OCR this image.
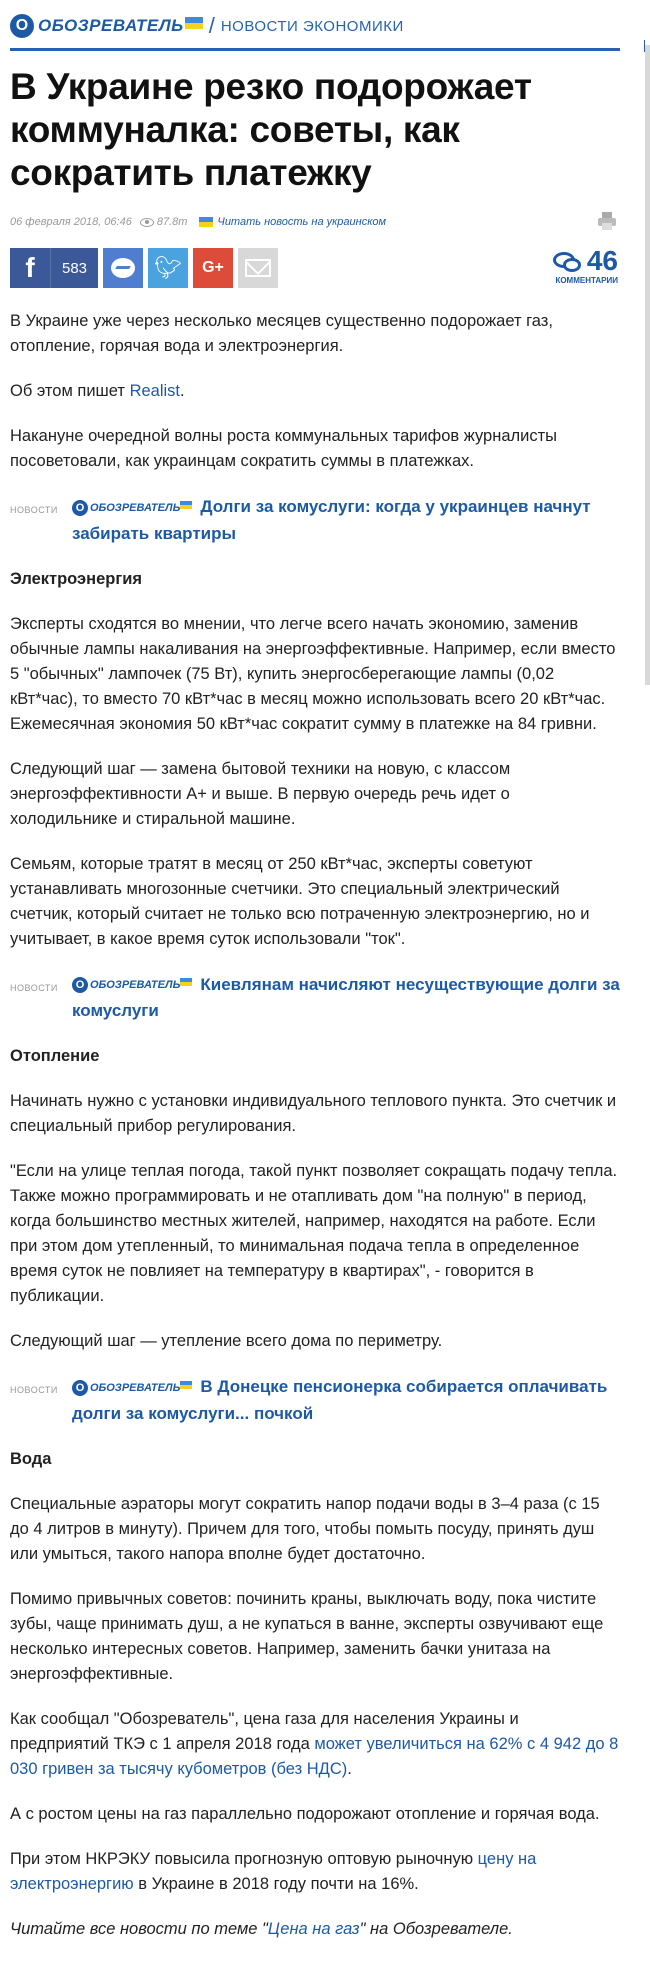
О ОБОЗРЕВАТЕЛЬ / НОВОСТИ ЭКОНОМИКИ
В Украине резко подорожает коммуналка: советы, как сократить платежку
06 февраля 2018, 06:46 87.8т	Читать новость на украинском
f	583	🐦︎ G+	46
КОММЕНТАРИИ

В Украине уже через несколько месяцев существенно подорожает газ, отопление, горячая вода и электроэнергия.

Об этом пишет Realist.

Накануне очередной волны роста коммунальных тарифов журналисты посоветовали, как украинцам сократить суммы в платежках.

НОВОСТИ	О ОБОЗРЕВАТЕЛЬ Долги за комуслуги: когда у украинцев начнут забирать квартиры
Электроэнергия

Эксперты сходятся во мнении, что легче всего начать экономию, заменив обычные лампы накаливания на энергоэффективные. Например, если вместо 5 "обычных" лампочек (75 Вт), купить энергосберегающие лампы (0,02 кВт*час), то вместо 70 кВт*час в месяц можно использовать всего 20 кВт*час. Ежемесячная экономия 50 кВт*час сократит сумму в платежке на 84 гривни.

Следующий шаг — замена бытовой техники на новую, с классом энергоэффективности А+ и выше. В первую очередь речь идет о холодильнике и стиральной машине.

Семьям, которые тратят в месяц от 250 кВт*час, эксперты советуют устанавливать многозонные счетчики. Это специальный электрический счетчик, который считает не только всю потраченную электроэнергию, но и учитывает, в какое время суток использовали "ток".

НОВОСТИ	О ОБОЗРЕВАТЕЛЬ Киевлянам начисляют несуществующие долги за комуслуги
Отопление

Начинать нужно с установки индивидуального теплового пункта. Это счетчик и специальный прибор регулирования.

"Если на улице теплая погода, такой пункт позволяет сокращать подачу тепла. Также можно программировать и не отапливать дом "на полную" в период, когда большинство местных жителей, например, находятся на работе. Если при этом дом утепленный, то минимальная подача тепла в определенное время суток не повлияет на температуру в квартирах", - говорится в публикации.

Следующий шаг — утепление всего дома по периметру.

НОВОСТИ	О ОБОЗРЕВАТЕЛЬ В Донецке пенсионерка собирается оплачивать долги за комуслуги... почкой
Вода

Специальные аэраторы могут сократить напор подачи воды в 3–4 раза (с 15 до 4 литров в минуту). Причем для того, чтобы помыть посуду, принять душ или умыться, такого напора вполне будет достаточно.

Помимо привычных советов: починить краны, выключать воду, пока чистите зубы, чаще принимать душ, а не купаться в ванне, эксперты озвучивают еще несколько интересных советов. Например, заменить бачки унитаза на энергоэффективные.

Как сообщал "Обозреватель", цена газа для населения Украины и предприятий ТКЭ с 1 апреля 2018 года может увеличиться на 62% с 4 942 до 8 030 гривен за тысячу кубометров (без НДС).

А с ростом цены на газ параллельно подорожают отопление и горячая вода.

При этом НКРЭКУ повысила прогнозную оптовую рыночную цену на электроэнергию в Украине в 2018 году почти на 16%.

Читайте все новости по теме "Цена на газ" на Обозревателе.
